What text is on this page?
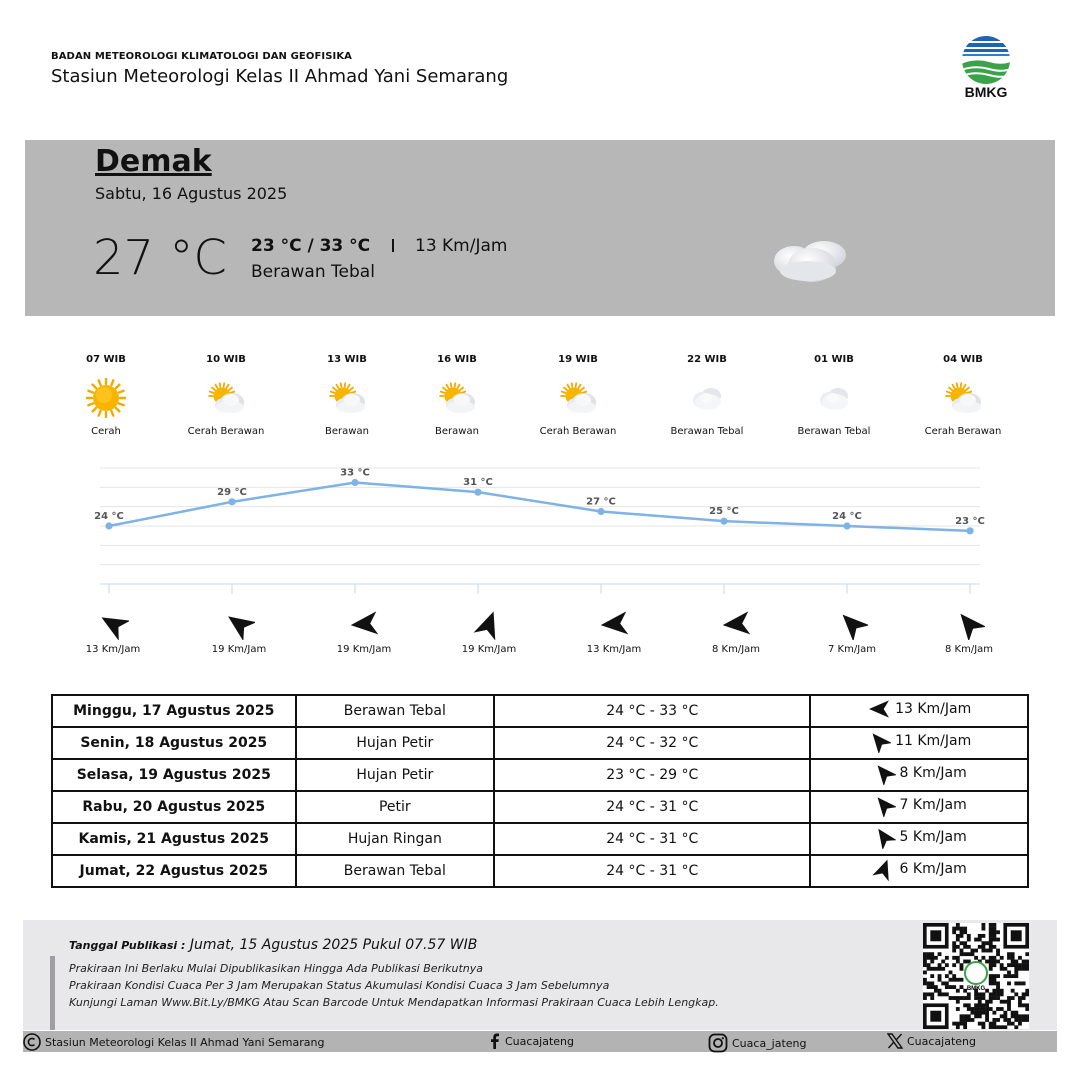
BADAN METEOROLOGI KLIMATOLOGI DAN GEOFISIKA
Stasiun Meteorologi Kelas II Ahmad Yani Semarang
BMKG
Demak
Sabtu, 16 Agustus 2025
27 °C 23 °C / 33 °C	13 Km/Jam
Berawan Tebal
07 WIB
Cerah
10 WIB
Cerah Berawan
13 WIB
Berawan
16 WIB
Berawan
19 WIB
Cerah Berawan
22 WIB
Berawan Tebal
01 WIB
Berawan Tebal
04 WIB
Cerah Berawan
24 °C
29 °C
33 °C
31 °C
27 °C
25 °C	24 °C	23 °C
13 Km/Jam	19 Km/Jam	19 Km/Jam	19 Km/Jam	13 Km/Jam	8 Km/Jam	7 Km/Jam	8 Km/Jam
Minggu, 17 Agustus 2025	Berawan Tebal	24 °C - 33 °C	13 Km/Jam

Senin, 18 Agustus 2025	Hujan Petir	24 °C - 32 °C	11 Km/Jam

Selasa, 19 Agustus 2025	Hujan Petir	23 °C - 29 °C	8 Km/Jam

Rabu, 20 Agustus 2025	Petir	24 °C - 31 °C	7 Km/Jam

Kamis, 21 Agustus 2025	Hujan Ringan	24 °C - 31 °C	5 Km/Jam

Jumat, 22 Agustus 2025	Berawan Tebal	24 °C - 31 °C	6 Km/Jam
Tanggal Publikasi : Jumat, 15 Agustus 2025 Pukul 07.57 WIB
Prakiraan Ini Berlaku Mulai Dipublikasikan Hingga Ada Publikasi Berikutnya
Prakiraan Kondisi Cuaca Per 3 Jam Merupakan Status Akumulasi Kondisi Cuaca 3 Jam Sebelumnya
Kunjungi Laman Www.Bit.Ly/BMKG Atau Scan Barcode Untuk Mendapatkan Informasi Prakiraan Cuaca Lebih Lengkap.
BMKG
Stasiun Meteorologi Kelas II Ahmad Yani Semarang	Cuacajateng	Cuaca_jateng	Cuacajateng
